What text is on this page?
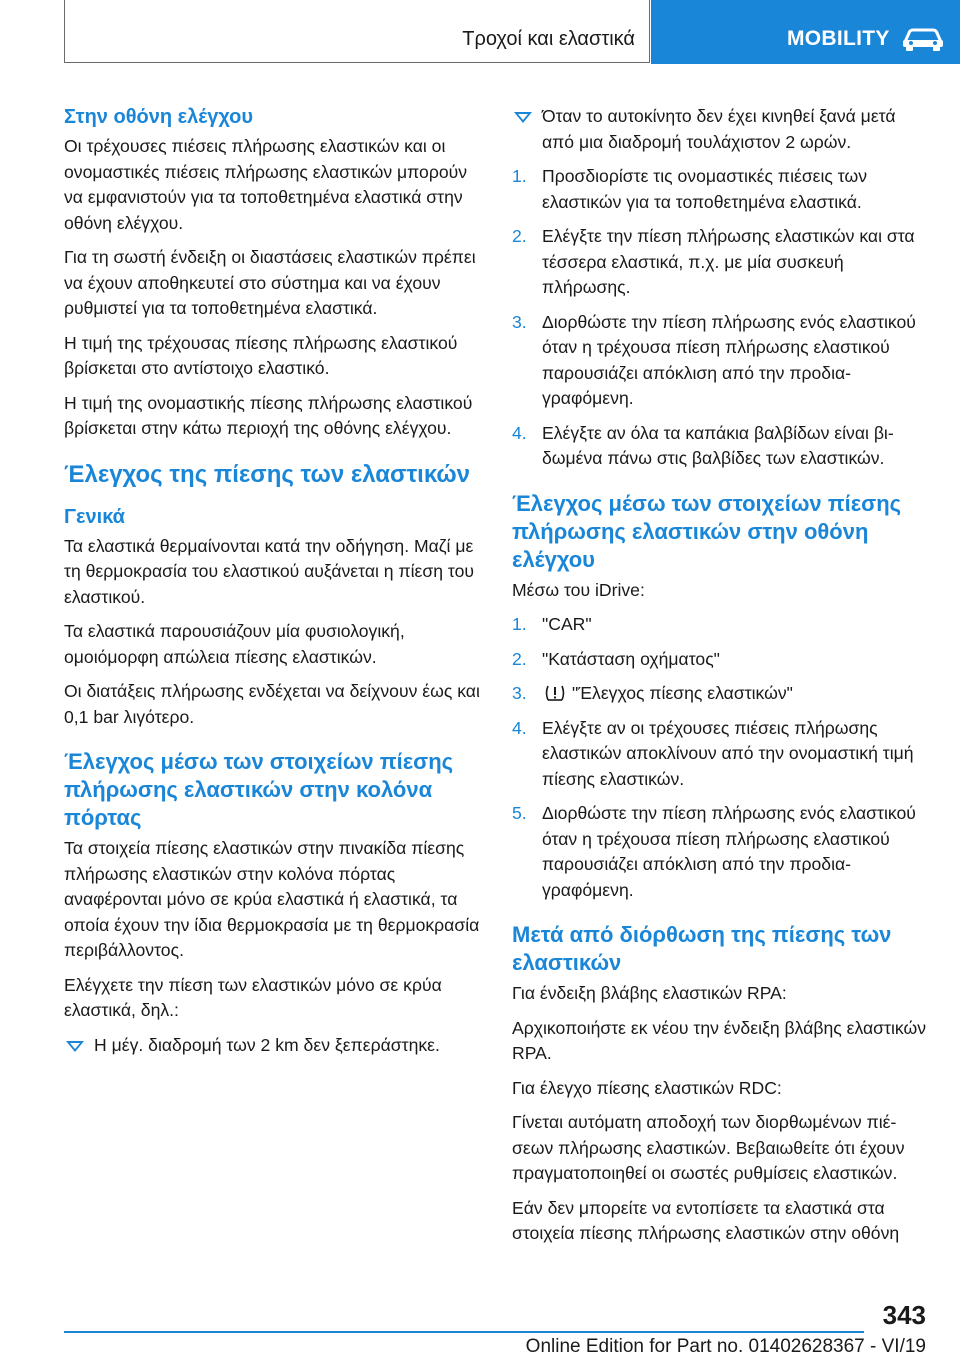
Τροχοί και ελαστικά	MOBILITY
Στην οθόνη ελέγχου

Οι τρέχουσες πιέσεις πλήρωσης ελαστικών και οι ονομαστικές πιέσεις πλήρωσης ελαστικών μπορούν να εμφανιστούν για τα τοποθετημένα ελαστικά στην οθόνη ελέγχου.

Για τη σωστή ένδειξη οι διαστάσεις ελαστικών πρέπει να έχουν αποθηκευτεί στο σύστημα και να έχουν ρυθμιστεί για τα τοποθετημένα ελαστικά.

Η τιμή της τρέχουσας πίεσης πλήρωσης ελαστικού βρίσκεται στο αντίστοιχο ελαστικό.

Η τιμή της ονομαστικής πίεσης πλήρωσης ελαστικού βρίσκεται στην κάτω περιοχή της οθόνης ελέγχου.

Έλεγχος της πίεσης των ελαστικών
Γενικά

Τα ελαστικά θερμαίνονται κατά την οδήγηση. Μαζί με τη θερμοκρασία του ελαστικού αυξάνεται η πίεση του ελαστικού.

Τα ελαστικά παρουσιάζουν μία φυσιολογική, ομοιόμορφη απώλεια πίεσης ελαστικών.

Οι διατάξεις πλήρωσης ενδέχεται να δείχνουν έως και 0,1 bar λιγότερο.

Έλεγχος μέσω των στοιχείων πίεσης πλήρωσης ελαστικών στην κολόνα πόρτας

Τα στοιχεία πίεσης ελαστικών στην πινακίδα πίεσης πλήρωσης ελαστικών στην κολόνα πόρτας αναφέρονται μόνο σε κρύα ελαστικά ή ελαστικά, τα οποία έχουν την ίδια θερμοκρασία με τη θερμοκρασία περιβάλλοντος.

Ελέγχετε την πίεση των ελαστικών μόνο σε κρύα ελαστικά, δηλ.:

Η μέγ. διαδρομή των 2 km δεν ξεπεράστηκε.
Όταν το αυτοκίνητο δεν έχει κινηθεί ξανά μετά από μια διαδρομή τουλάχιστον 2 ωρών.
1. Προσδιορίστε τις ονομαστικές πιέσεις των ελαστικών για τα τοποθετημένα ελαστικά.
2. Ελέγξτε την πίεση πλήρωσης ελαστικών και στα τέσσερα ελαστικά, π.χ. με μία συσκευή πλήρωσης.
3. Διορθώστε την πίεση πλήρωσης ενός ελαστικού όταν η τρέχουσα πίεση πλήρωσης ελαστικού παρουσιάζει απόκλιση από την προδιαγραφόμενη.
4. Ελέγξτε αν όλα τα καπάκια βαλβίδων είναι βιδωμένα πάνω στις βαλβίδες των ελαστικών.
Έλεγχος μέσω των στοιχείων πίεσης πλήρωσης ελαστικών στην οθόνη ελέγχου

Μέσω του iDrive:

1. "CAR"
2. "Κατάσταση οχήματος"
3.	"Έλεγχος πίεσης ελαστικών"
4. Ελέγξτε αν οι τρέχουσες πιέσεις πλήρωσης ελαστικών αποκλίνουν από την ονομαστική τιμή πίεσης ελαστικών.
5. Διορθώστε την πίεση πλήρωσης ενός ελαστικού όταν η τρέχουσα πίεση πλήρωσης ελαστικού παρουσιάζει απόκλιση από την προδιαγραφόμενη.
Μετά από διόρθωση της πίεσης των ελαστικών

Για ένδειξη βλάβης ελαστικών RPA:

Αρχικοποιήστε εκ νέου την ένδειξη βλάβης ελαστικών RPA.

Για έλεγχο πίεσης ελαστικών RDC:

Γίνεται αυτόματη αποδοχή των διορθωμένων πιέσεων πλήρωσης ελαστικών. Βεβαιωθείτε ότι έχουν πραγματοποιηθεί οι σωστές ρυθμίσεις ελαστικών.

Εάν δεν μπορείτε να εντοπίσετε τα ελαστικά στα στοιχεία πίεσης πλήρωσης ελαστικών στην οθόνη

343
Online Edition for Part no. 01402628367 - VI/19
